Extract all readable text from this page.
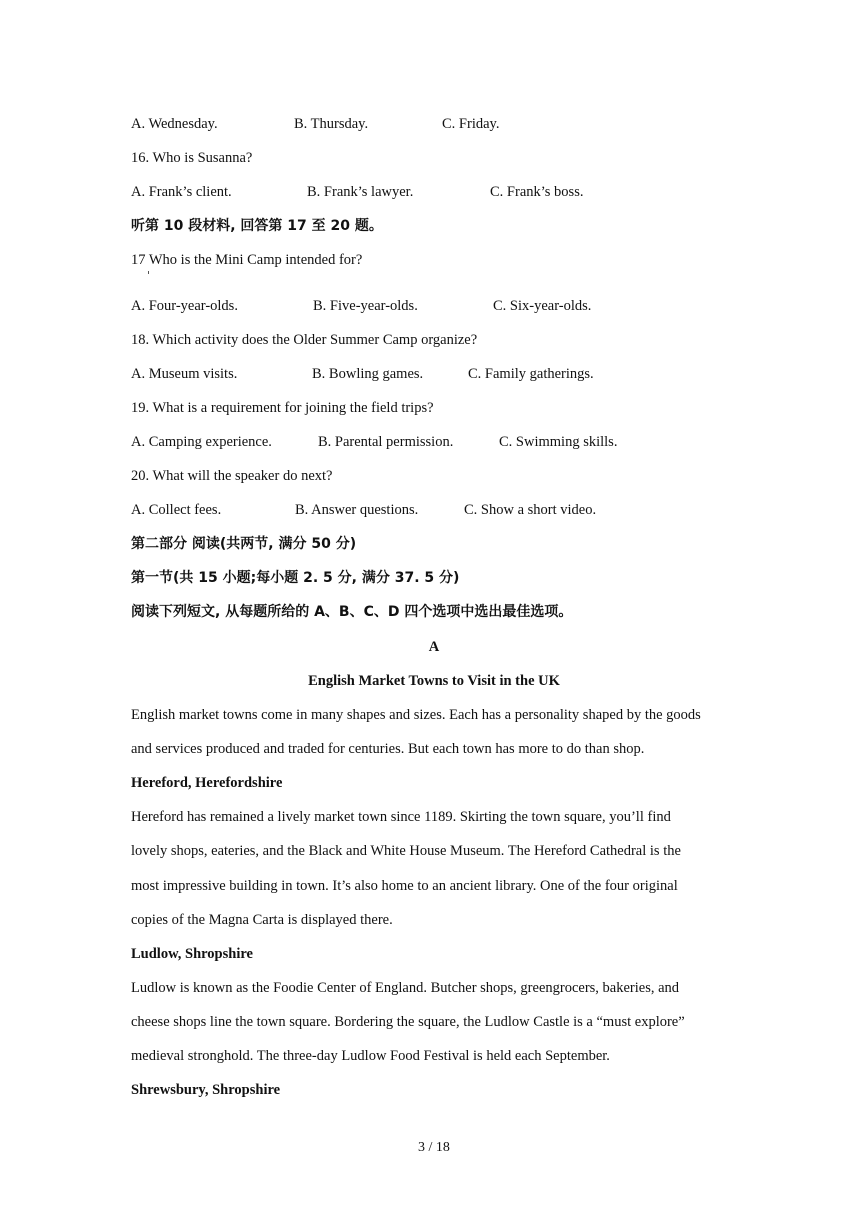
A. Wednesday.	B. Thursday.	C. Friday.
16. Who is Susanna?
A. Frank’s client.	B. Frank’s lawyer.	C. Frank’s boss.
听第 10 段材料, 回答第 17 至 20 题。
17 Who is the Mini Camp intended for?
A. Four-year-olds.	B. Five-year-olds.	C. Six-year-olds.
18. Which activity does the Older Summer Camp organize?
A. Museum visits.	B. Bowling games.	C. Family gatherings.
19. What is a requirement for joining the field trips?
A. Camping experience.	B. Parental permission.	C. Swimming skills.
20. What will the speaker do next?
A. Collect fees.	B. Answer questions.	C. Show a short video.
第二部分 阅读(共两节, 满分 50 分)
第一节(共 15 小题;每小题 2. 5 分, 满分 37. 5 分)
阅读下列短文, 从每题所给的 A、B、C、D 四个选项中选出最佳选项。
A
English Market Towns to Visit in the UK
English market towns come in many shapes and sizes. Each has a personality shaped by the goods
and services produced and traded for centuries. But each town has more to do than shop.
Hereford, Herefordshire
Hereford has remained a lively market town since 1189. Skirting the town square, you’ll find
lovely shops, eateries, and the Black and White House Museum. The Hereford Cathedral is the
most impressive building in town. It’s also home to an ancient library. One of the four original
copies of the Magna Carta is displayed there.
Ludlow, Shropshire
Ludlow is known as the Foodie Center of England. Butcher shops, greengrocers, bakeries, and
cheese shops line the town square. Bordering the square, the Ludlow Castle is a “must explore”
medieval stronghold. The three-day Ludlow Food Festival is held each September.
Shrewsbury, Shropshire
3 / 18
